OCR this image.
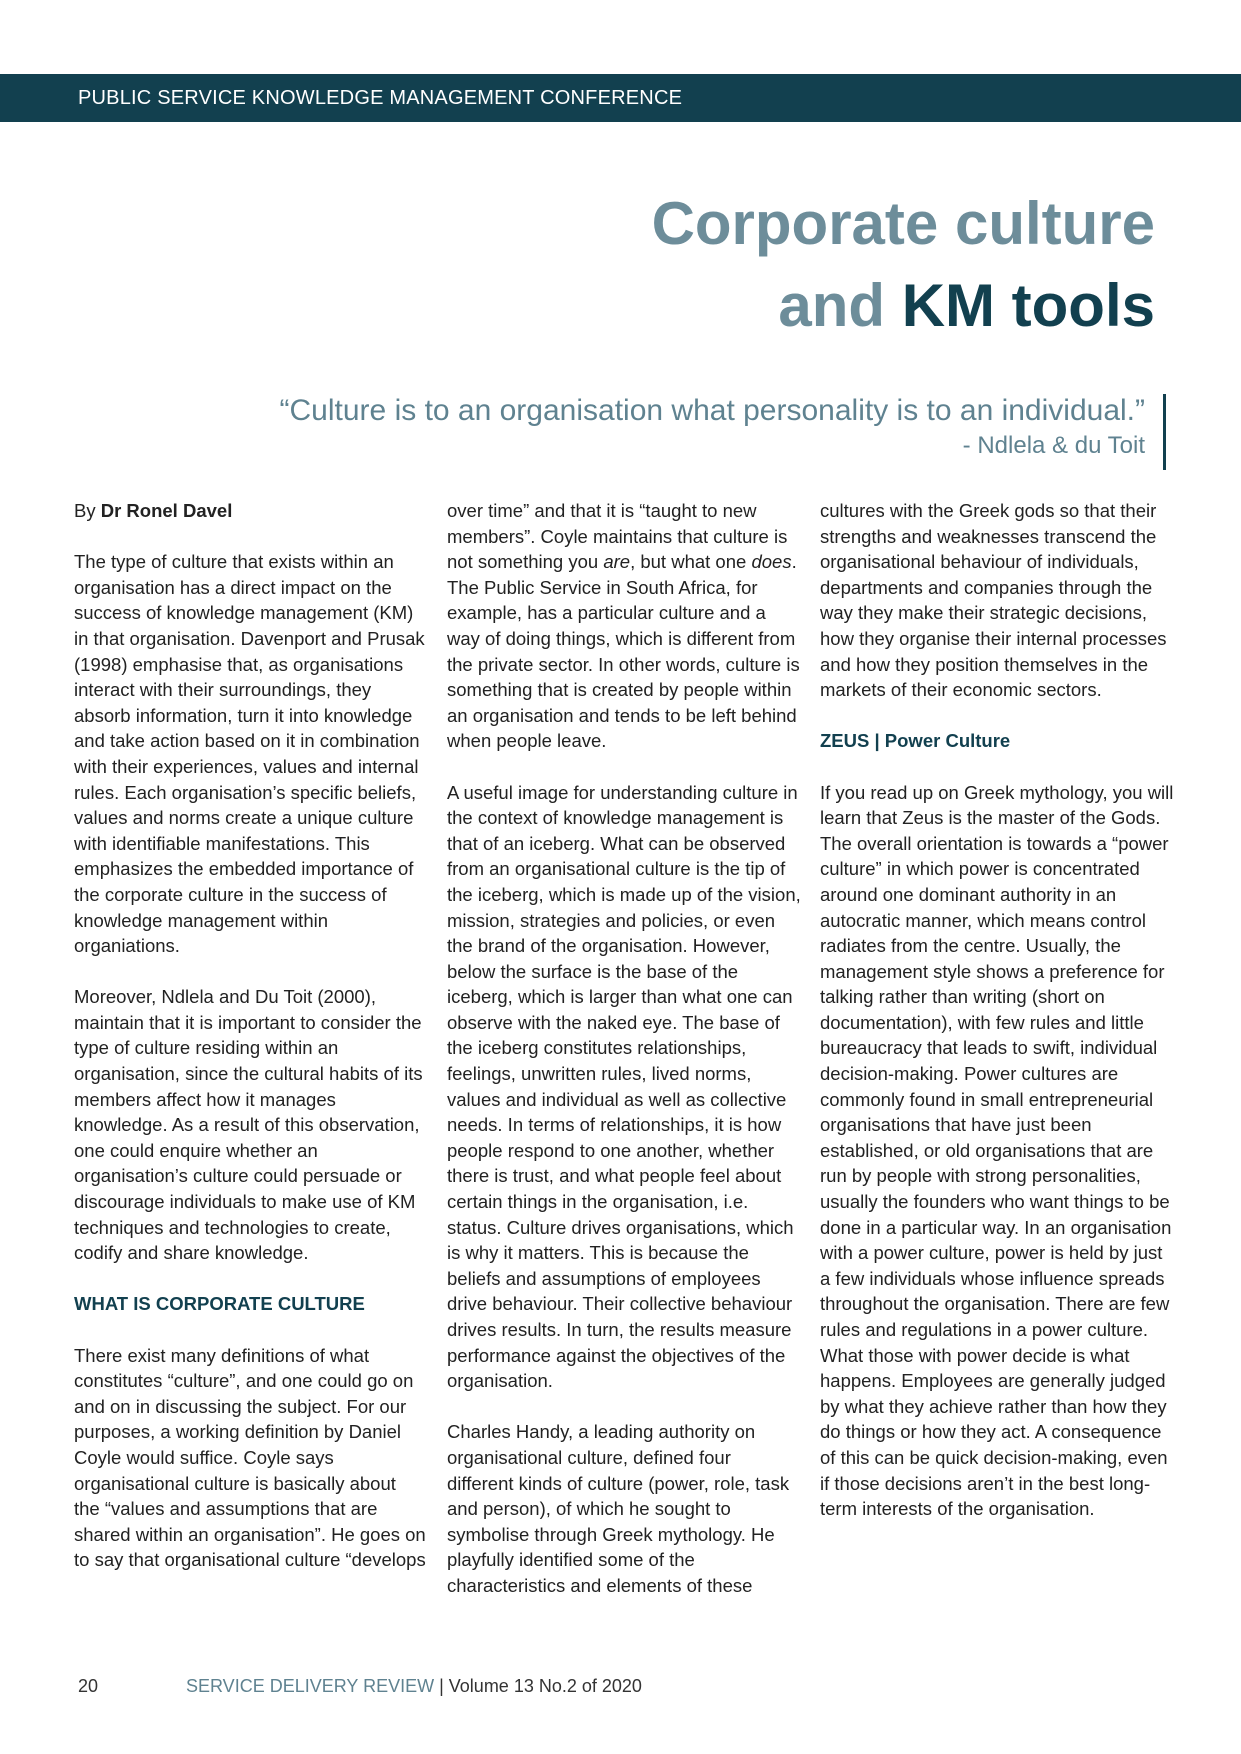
PUBLIC SERVICE KNOWLEDGE MANAGEMENT CONFERENCE
Corporate culture
and KM tools
“Culture is to an organisation what personality is to an individual.”
- Ndlela & du Toit

By Dr Ronel Davel

The type of culture that exists within an organisation has a direct impact on the success of knowledge management (KM) in that organisation. Davenport and Prusak (1998) emphasise that, as organisations interact with their surroundings, they absorb information, turn it into knowledge and take action based on it in combination with their experiences, values and internal rules. Each organisation’s specific beliefs, values and norms create a unique culture with identifiable manifestations. This emphasizes the embedded importance of the corporate culture in the success of knowledge management within organiations.

Moreover, Ndlela and Du Toit (2000), maintain that it is important to consider the type of culture residing within an organisation, since the cultural habits of its members affect how it manages knowledge. As a result of this observation, one could enquire whether an organisation’s culture could persuade or discourage individuals to make use of KM techniques and technologies to create, codify and share knowledge.

WHAT IS CORPORATE CULTURE

There exist many definitions of what constitutes “culture”, and one could go on and on in discussing the subject. For our purposes, a working definition by Daniel Coyle would suffice. Coyle says organisational culture is basically about the “values and assumptions that are shared within an organisation”. He goes on to say that organisational culture “develops

over time” and that it is “taught to new members”. Coyle maintains that culture is not something you are, but what one does. The Public Service in South Africa, for example, has a particular culture and a way of doing things, which is different from the private sector. In other words, culture is something that is created by people within an organisation and tends to be left behind when people leave.

A useful image for understanding culture in the context of knowledge management is that of an iceberg. What can be observed from an organisational culture is the tip of the iceberg, which is made up of the vision, mission, strategies and policies, or even the brand of the organisation. However, below the surface is the base of the iceberg, which is larger than what one can observe with the naked eye. The base of the iceberg constitutes relationships, feelings, unwritten rules, lived norms, values and individual as well as collective needs. In terms of relationships, it is how people respond to one another, whether there is trust, and what people feel about certain things in the organisation, i.e. status. Culture drives organisations, which is why it matters. This is because the beliefs and assumptions of employees drive behaviour. Their collective behaviour drives results. In turn, the results measure performance against the objectives of the organisation.

Charles Handy, a leading authority on organisational culture, defined four different kinds of culture (power, role, task and person), of which he sought to symbolise through Greek mythology. He playfully identified some of the characteristics and elements of these

cultures with the Greek gods so that their strengths and weaknesses transcend the organisational behaviour of individuals, departments and companies through the way they make their strategic decisions, how they organise their internal processes and how they position themselves in the markets of their economic sectors.

ZEUS | Power Culture

If you read up on Greek mythology, you will learn that Zeus is the master of the Gods. The overall orientation is towards a “power culture” in which power is concentrated around one dominant authority in an autocratic manner, which means control radiates from the centre. Usually, the management style shows a preference for talking rather than writing (short on documentation), with few rules and little bureaucracy that leads to swift, individual decision-making. Power cultures are commonly found in small entrepreneurial organisations that have just been established, or old organisations that are run by people with strong personalities, usually the founders who want things to be done in a particular way. In an organisation with a power culture, power is held by just a few individuals whose influence spreads throughout the organisation. There are few rules and regulations in a power culture. What those with power decide is what happens. Employees are generally judged by what they achieve rather than how they do things or how they act. A consequence of this can be quick decision-making, even if those decisions aren’t in the best long-term interests of the organisation.

20	SERVICE DELIVERY REVIEW | Volume 13 No.2 of 2020
